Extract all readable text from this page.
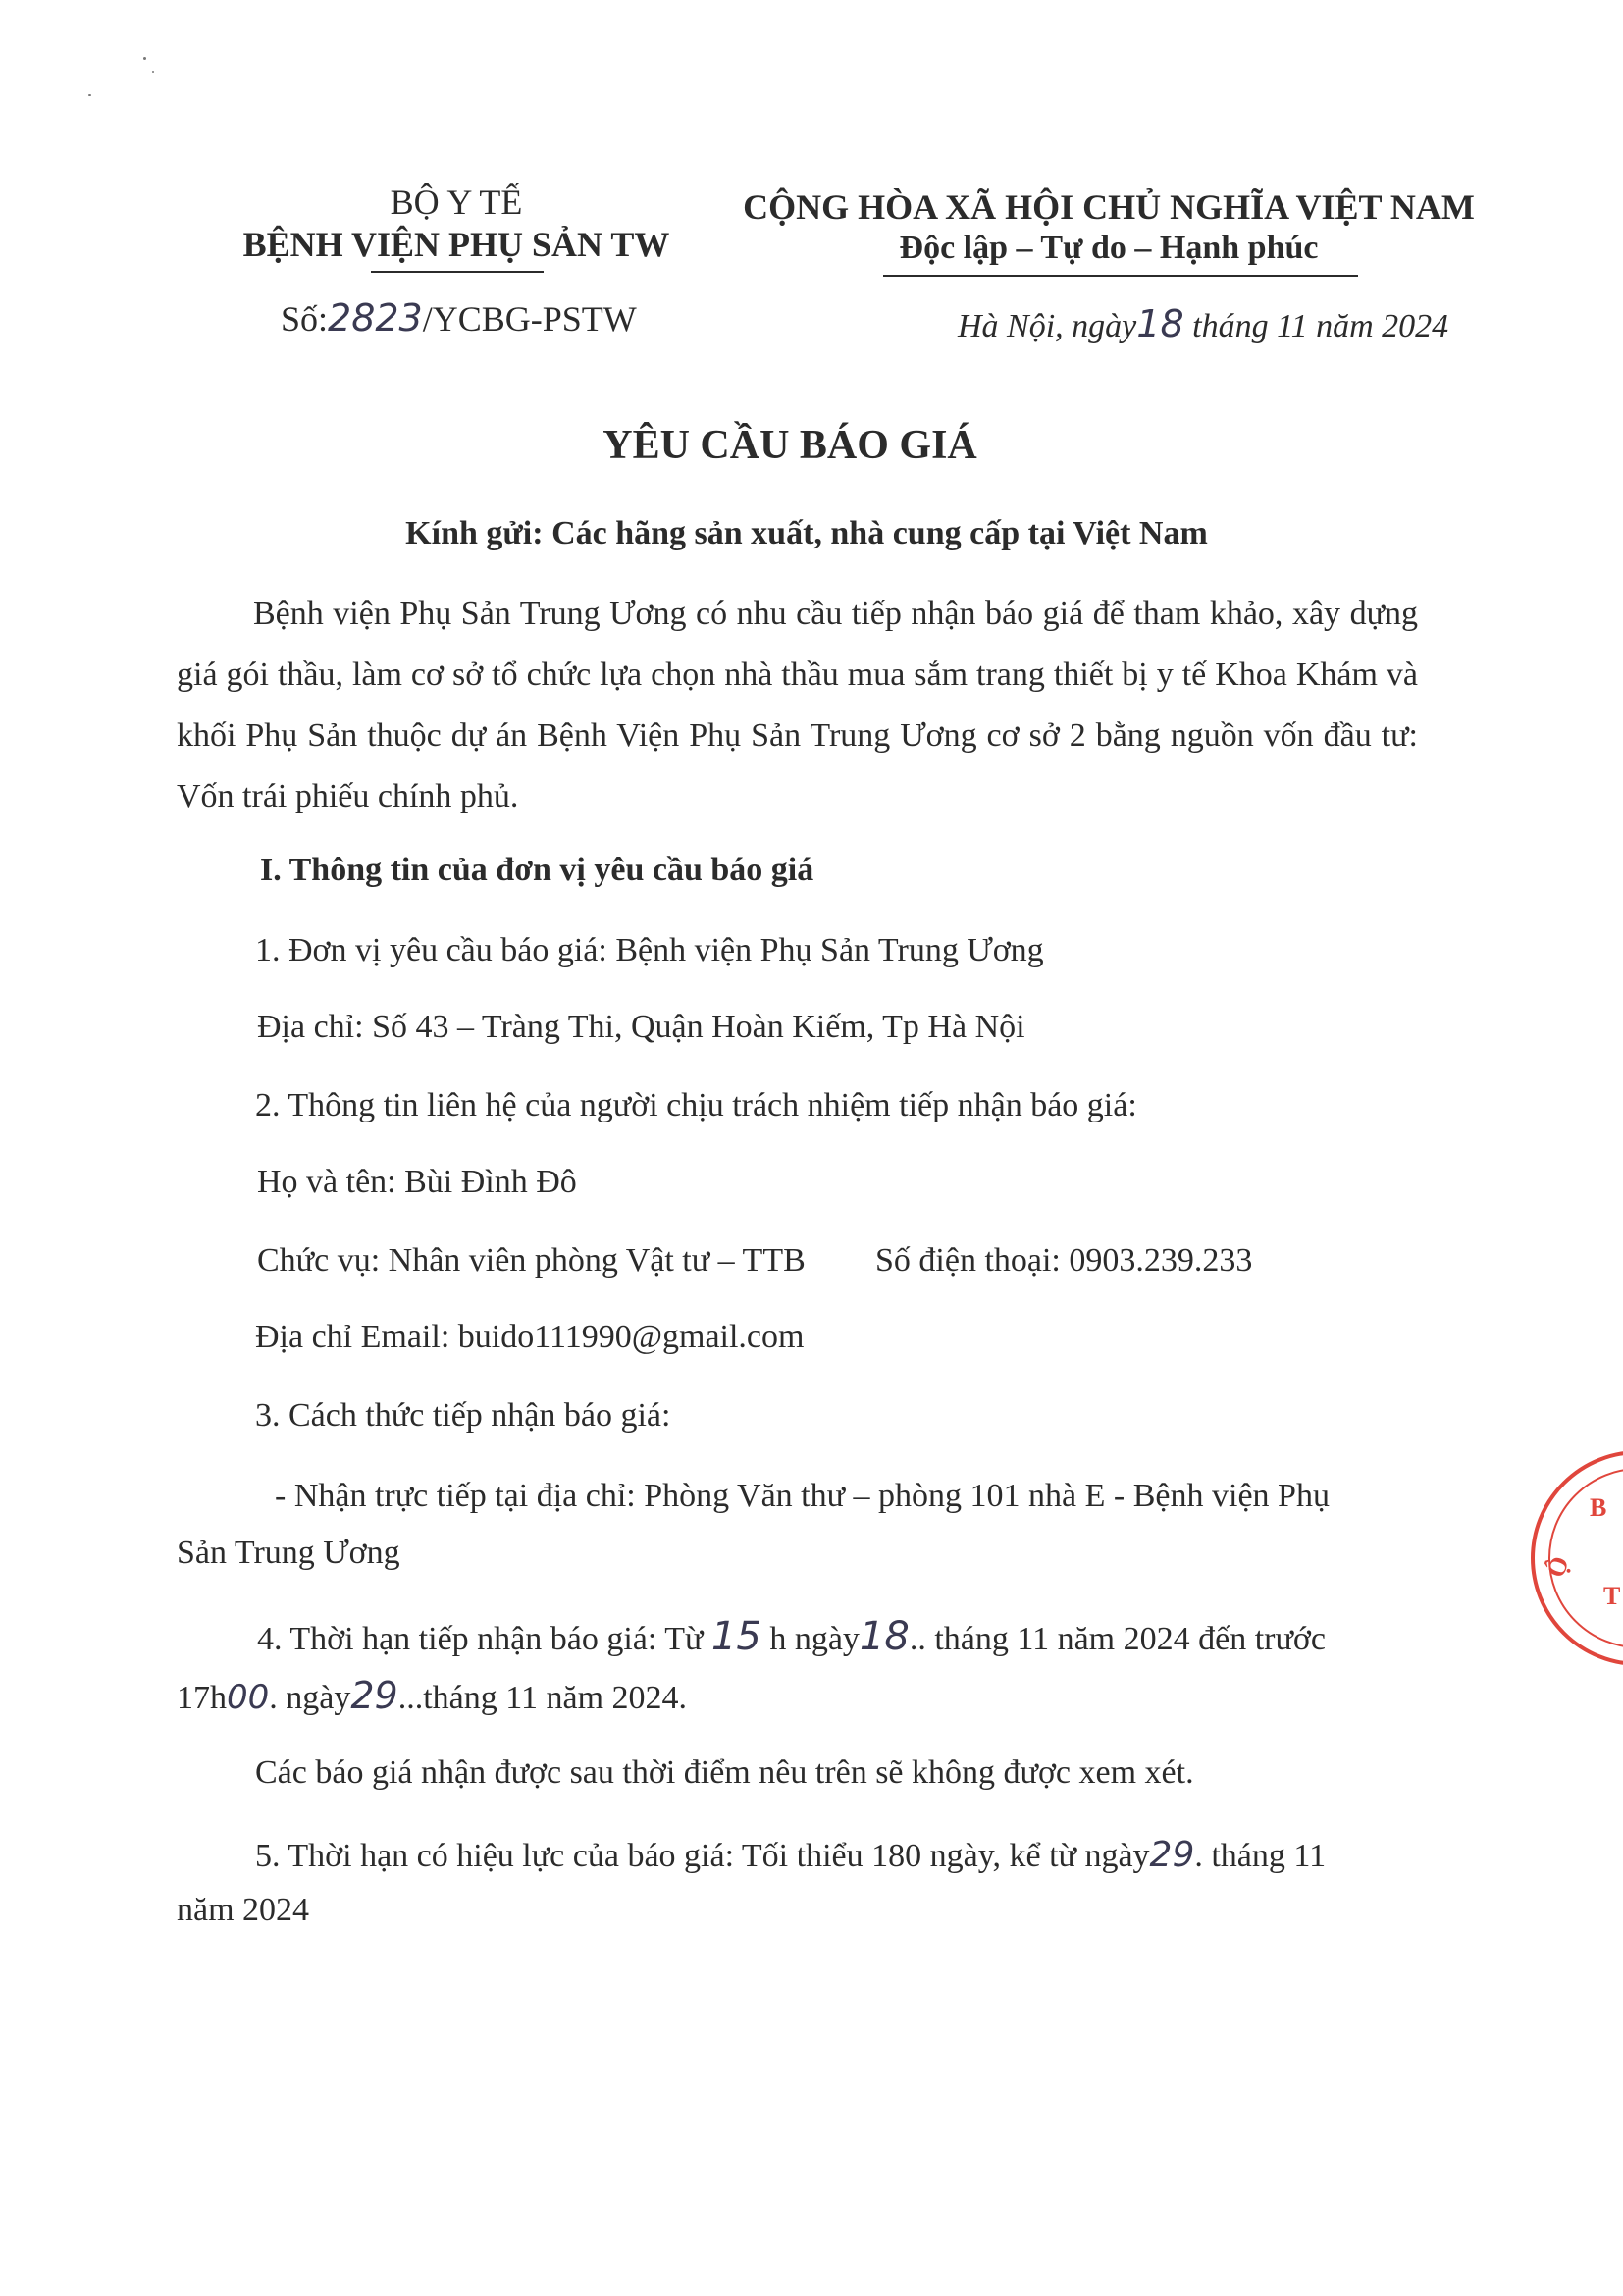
BỘ Y TẾ
BỆNH VIỆN PHỤ SẢN TW
Số:2823/YCBG-PSTW
CỘNG HÒA XÃ HỘI CHỦ NGHĨA VIỆT NAM
Độc lập – Tự do – Hạnh phúc
Hà Nội, ngày18 tháng 11 năm 2024
YÊU CẦU BÁO GIÁ
Kính gửi: Các hãng sản xuất, nhà cung cấp tại Việt Nam
Bệnh viện Phụ Sản Trung Ương có nhu cầu tiếp nhận báo giá để tham khảo, xây dựng giá gói thầu, làm cơ sở tổ chức lựa chọn nhà thầu mua sắm trang thiết bị y tế Khoa Khám và khối Phụ Sản thuộc dự án Bệnh Viện Phụ Sản Trung Ương cơ sở 2 bằng nguồn vốn đầu tư: Vốn trái phiếu chính phủ.
I. Thông tin của đơn vị yêu cầu báo giá
1. Đơn vị yêu cầu báo giá: Bệnh viện Phụ Sản Trung Ương
Địa chỉ: Số 43 – Tràng Thi, Quận Hoàn Kiếm, Tp Hà Nội
2. Thông tin liên hệ của người chịu trách nhiệm tiếp nhận báo giá:
Họ và tên: Bùi Đình Đô
Chức vụ: Nhân viên phòng Vật tư – TTB Số điện thoại: 0903.239.233
Địa chỉ Email: buido111990@gmail.com
3. Cách thức tiếp nhận báo giá:
- Nhận trực tiếp tại địa chỉ: Phòng Văn thư – phòng 101 nhà E - Bệnh viện Phụ
Sản Trung Ương
4. Thời hạn tiếp nhận báo giá: Từ 15 h ngày18.. tháng 11 năm 2024 đến trước
17h00. ngày29...tháng 11 năm 2024.
Các báo giá nhận được sau thời điểm nêu trên sẽ không được xem xét.
5. Thời hạn có hiệu lực của báo giá: Tối thiểu 180 ngày, kể từ ngày29. tháng 11
năm 2024
B
Ộ
T
